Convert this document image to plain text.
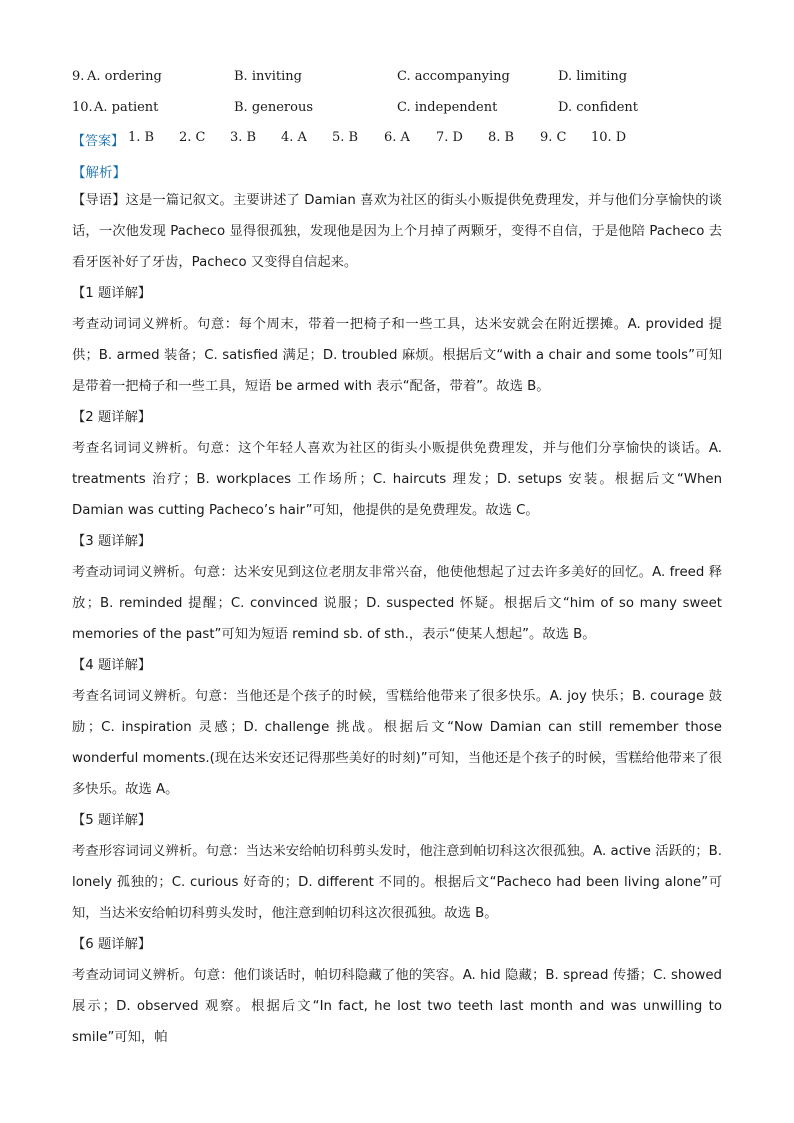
9. A. ordering	B. inviting	C. accompanying	D. limiting
10. A. patient	B. generous	C. independent	D. confident
【答案】 1. B 2. C 3. B 4. A 5. B 6. A 7. D 8. B 9. C 10. D
【解析】

【导语】这是一篇记叙文。主要讲述了 Damian 喜欢为社区的街头小贩提供免费理发，并与他们分享愉快的谈话，一次他发现 Pacheco 显得很孤独，发现他是因为上个月掉了两颗牙，变得不自信，于是他陪 Pacheco 去看牙医补好了牙齿，Pacheco 又变得自信起来。

【1 题详解】

考查动词词义辨析。句意：每个周末，带着一把椅子和一些工具，达米安就会在附近摆摊。A. provided 提供；B. armed 装备；C. satisfied 满足；D. troubled 麻烦。根据后文“with a chair and some tools”可知是带着一把椅子和一些工具，短语 be armed with 表示“配备，带着”。故选 B。

【2 题详解】

考查名词词义辨析。句意：这个年轻人喜欢为社区的街头小贩提供免费理发，并与他们分享愉快的谈话。A. treatments 治疗；B. workplaces 工作场所；C. haircuts 理发；D. setups 安装。根据后文“When Damian was cutting Pacheco’s hair”可知，他提供的是免费理发。故选 C。

【3 题详解】

考查动词词义辨析。句意：达米安见到这位老朋友非常兴奋，他使他想起了过去许多美好的回忆。A. freed 释放；B. reminded 提醒；C. convinced 说服；D. suspected 怀疑。根据后文“him of so many sweet memories of the past”可知为短语 remind sb. of sth.，表示“使某人想起”。故选 B。

【4 题详解】

考查名词词义辨析。句意：当他还是个孩子的时候，雪糕给他带来了很多快乐。A. joy 快乐；B. courage 鼓励；C. inspiration 灵感；D. challenge 挑战。根据后文“Now Damian can still remember those wonderful moments.(现在达米安还记得那些美好的时刻)”可知，当他还是个孩子的时候，雪糕给他带来了很多快乐。故选 A。

【5 题详解】

考查形容词词义辨析。句意：当达米安给帕切科剪头发时，他注意到帕切科这次很孤独。A. active 活跃的；B. lonely 孤独的；C. curious 好奇的；D. different 不同的。根据后文“Pacheco had been living alone”可知，当达米安给帕切科剪头发时，他注意到帕切科这次很孤独。故选 B。

【6 题详解】

考查动词词义辨析。句意：他们谈话时，帕切科隐藏了他的笑容。A. hid 隐藏；B. spread 传播；C. showed 展示；D. observed 观察。根据后文“In fact, he lost two teeth last month and was unwilling to smile”可知，帕
